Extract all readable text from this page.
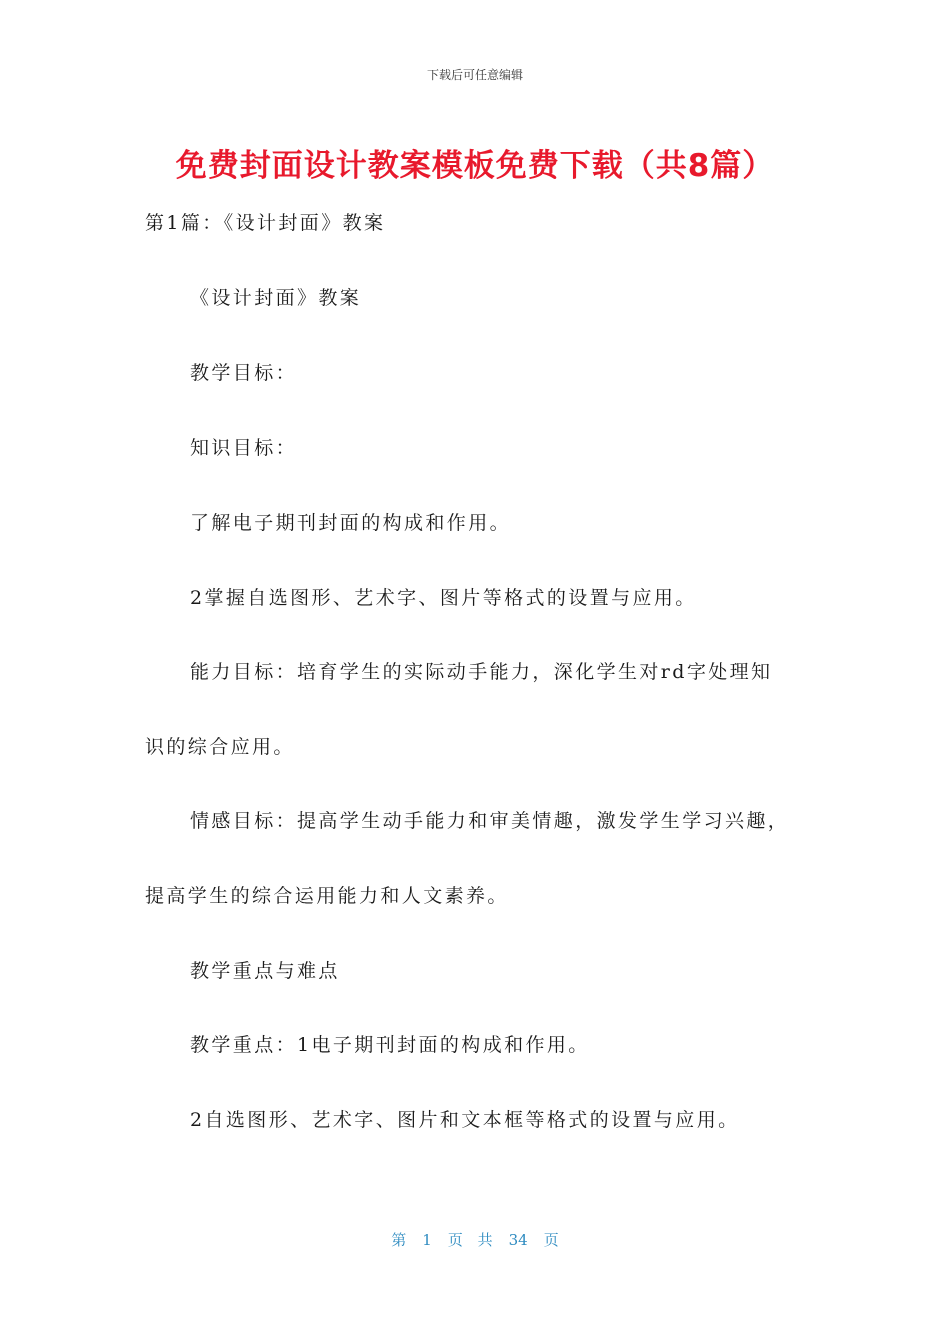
下载后可任意编辑
免费封面设计教案模板免费下载（共8篇）
第1篇：《设计封面》教案
《设计封面》教案
教学目标：
知识目标：
了解电子期刊封面的构成和作用。
2掌握自选图形、艺术字、图片等格式的设置与应用。
能力目标：培育学生的实际动手能力，深化学生对rd字处理知
识的综合应用。
情感目标：提高学生动手能力和审美情趣，激发学生学习兴趣，
提高学生的综合运用能力和人文素养。
教学重点与难点
教学重点：1电子期刊封面的构成和作用。
2自选图形、艺术字、图片和文本框等格式的设置与应用。
第 1 页 共 34 页
